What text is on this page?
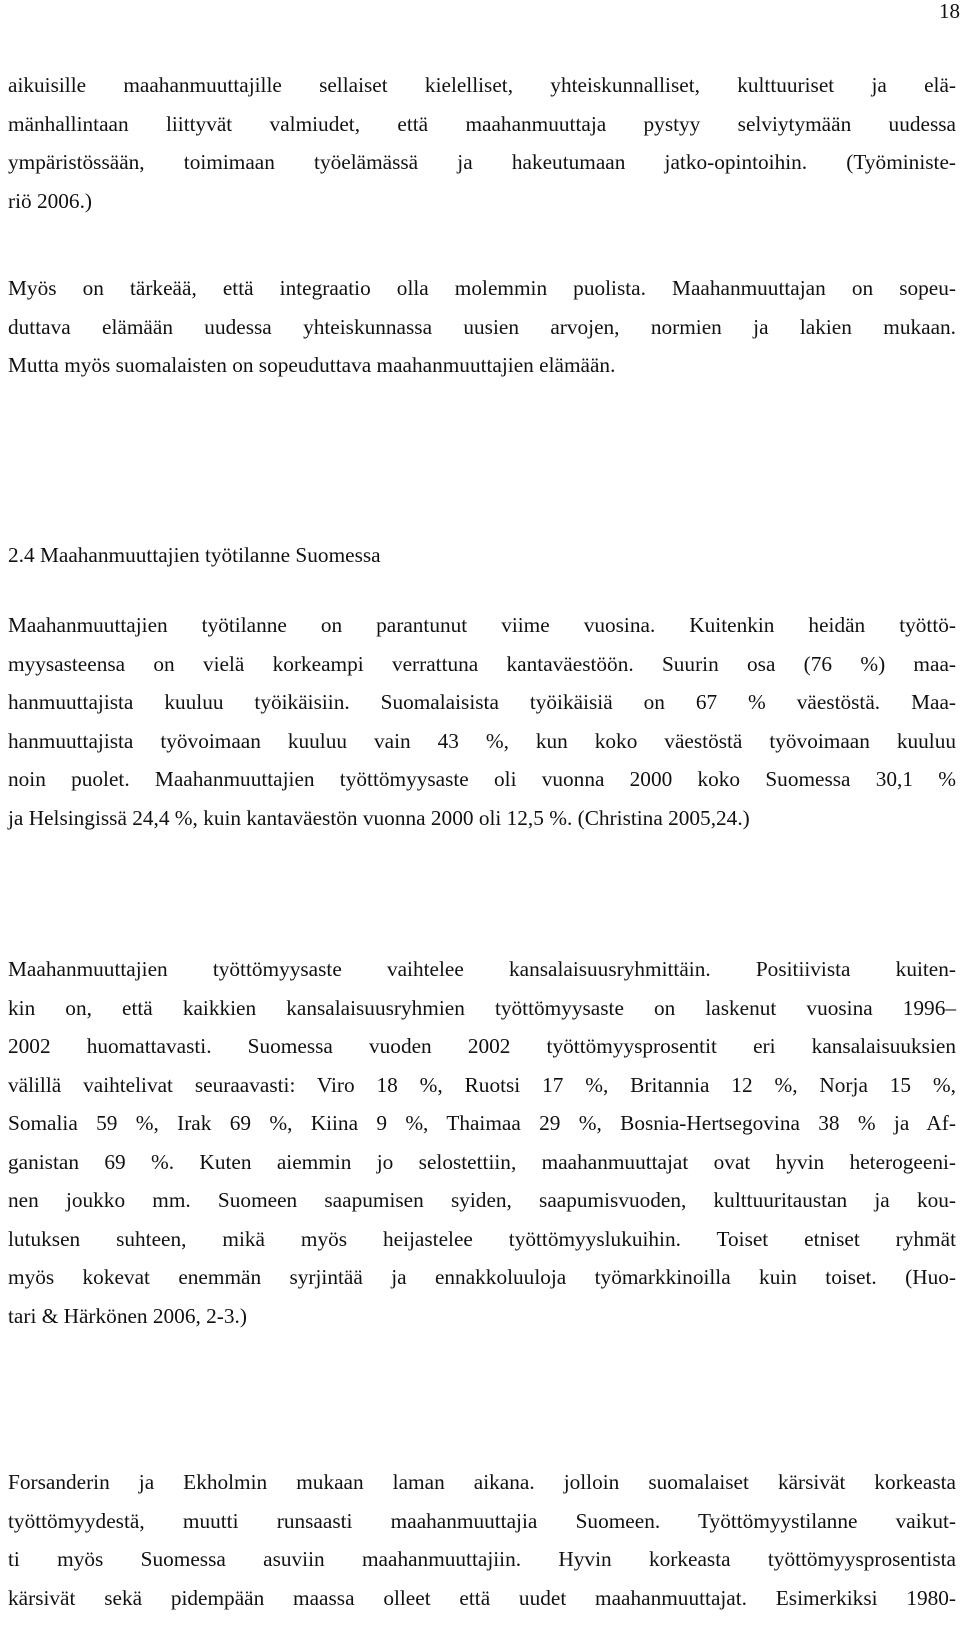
18
aikuisille maahanmuuttajille sellaiset kielelliset, yhteiskunnalliset, kulttuuriset ja elä-
mänhallintaan liittyvät valmiudet, että maahanmuuttaja pystyy selviytymään uudessa
ympäristössään, toimimaan työelämässä ja hakeutumaan jatko-opintoihin. (Työministe-
riö 2006.)
Myös on tärkeää, että integraatio olla molemmin puolista. Maahanmuuttajan on sopeu-
duttava elämään uudessa yhteiskunnassa uusien arvojen, normien ja lakien mukaan.
Mutta myös suomalaisten on sopeuduttava maahanmuuttajien elämään.
2.4 Maahanmuuttajien työtilanne Suomessa
Maahanmuuttajien työtilanne on parantunut viime vuosina. Kuitenkin heidän työttö-
myysasteensa on vielä korkeampi verrattuna kantaväestöön. Suurin osa (76 %) maa-
hanmuuttajista kuuluu työikäisiin. Suomalaisista työikäisiä on 67 % väestöstä. Maa-
hanmuuttajista työvoimaan kuuluu vain 43 %, kun koko väestöstä työvoimaan kuuluu
noin puolet. Maahanmuuttajien työttömyysaste oli vuonna 2000 koko Suomessa 30,1 %
ja Helsingissä 24,4 %, kuin kantaväestön vuonna 2000 oli 12,5 %. (Christina 2005,24.)
Maahanmuuttajien työttömyysaste vaihtelee kansalaisuusryhmittäin. Positiivista kuiten-
kin on, että kaikkien kansalaisuusryhmien työttömyysaste on laskenut vuosina 1996–
2002 huomattavasti. Suomessa vuoden 2002 työttömyysprosentit eri kansalaisuuksien
välillä vaihtelivat seuraavasti: Viro 18 %, Ruotsi 17 %, Britannia 12 %, Norja 15 %,
Somalia 59 %, Irak 69 %, Kiina 9 %, Thaimaa 29 %, Bosnia-Hertsegovina 38 % ja Af-
ganistan 69 %. Kuten aiemmin jo selostettiin, maahanmuuttajat ovat hyvin heterogeeni-
nen joukko mm. Suomeen saapumisen syiden, saapumisvuoden, kulttuuritaustan ja kou-
lutuksen suhteen, mikä myös heijastelee työttömyyslukuihin. Toiset etniset ryhmät
myös kokevat enemmän syrjintää ja ennakkoluuloja työmarkkinoilla kuin toiset. (Huo-
tari & Härkönen 2006, 2-3.)
Forsanderin ja Ekholmin mukaan laman aikana. jolloin suomalaiset kärsivät korkeasta
työttömyydestä, muutti runsaasti maahanmuuttajia Suomeen. Työttömyystilanne vaikut-
ti myös Suomessa asuviin maahanmuuttajiin. Hyvin korkeasta työttömyysprosentista
kärsivät sekä pidempään maassa olleet että uudet maahanmuuttajat. Esimerkiksi 1980-
